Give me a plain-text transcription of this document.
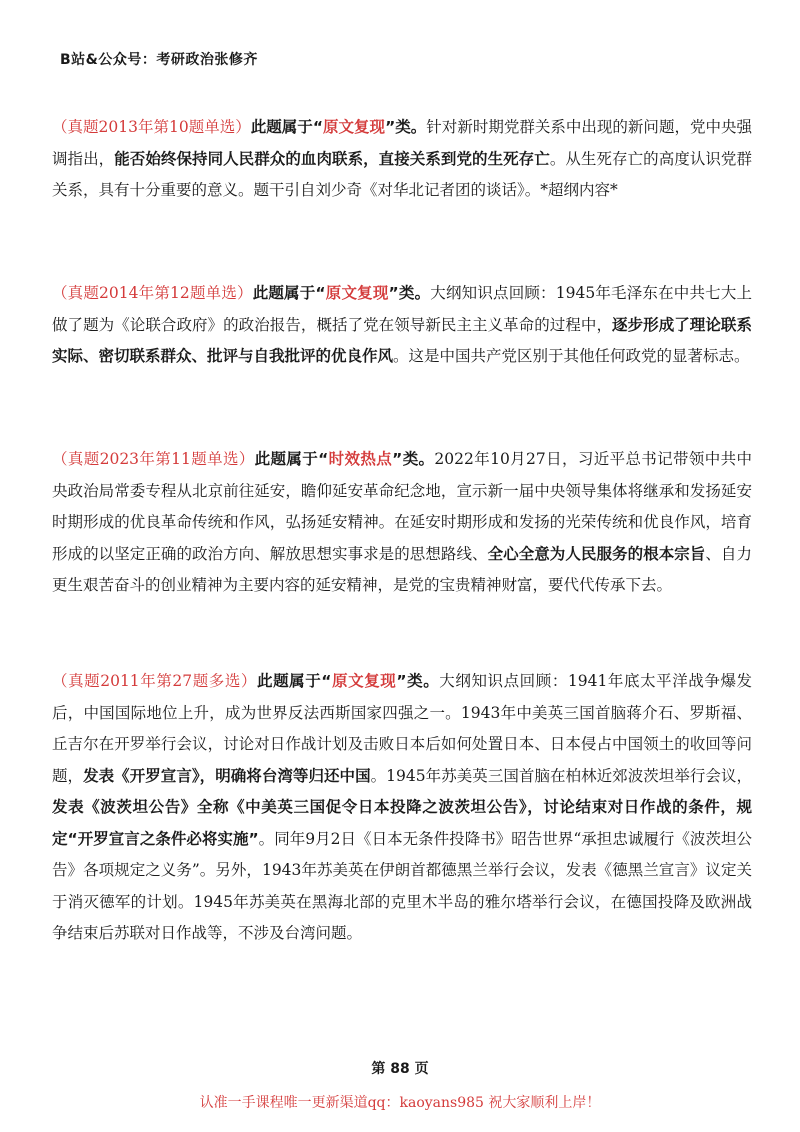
B站&公众号：考研政治张修齐
（真题2013年第10题单选）此题属于“原文复现”类。针对新时期党群关系中出现的新问题，党中央强调指出，能否始终保持同人民群众的血肉联系，直接关系到党的生死存亡。从生死存亡的高度认识党群关系，具有十分重要的意义。题干引自刘少奇《对华北记者团的谈话》。*超纲内容*
（真题2014年第12题单选）此题属于“原文复现”类。大纲知识点回顾：1945年毛泽东在中共七大上做了题为《论联合政府》的政治报告，概括了党在领导新民主主义革命的过程中，逐步形成了理论联系实际、密切联系群众、批评与自我批评的优良作风。这是中国共产党区别于其他任何政党的显著标志。
（真题2023年第11题单选）此题属于“时效热点”类。2022年10月27日，习近平总书记带领中共中央政治局常委专程从北京前往延安，瞻仰延安革命纪念地，宣示新一届中央领导集体将继承和发扬延安时期形成的优良革命传统和作风，弘扬延安精神。在延安时期形成和发扬的光荣传统和优良作风，培育形成的以坚定正确的政治方向、解放思想实事求是的思想路线、全心全意为人民服务的根本宗旨、自力更生艰苦奋斗的创业精神为主要内容的延安精神，是党的宝贵精神财富，要代代传承下去。
（真题2011年第27题多选）此题属于“原文复现”类。大纲知识点回顾：1941年底太平洋战争爆发后，中国国际地位上升，成为世界反法西斯国家四强之一。1943年中美英三国首脑蒋介石、罗斯福、丘吉尔在开罗举行会议，讨论对日作战计划及击败日本后如何处置日本、日本侵占中国领土的收回等问题，发表《开罗宣言》，明确将台湾等归还中国。1945年苏美英三国首脑在柏林近郊波茨坦举行会议，发表《波茨坦公告》全称《中美英三国促令日本投降之波茨坦公告》，讨论结束对日作战的条件，规定“开罗宣言之条件必将实施”。同年9月2日《日本无条件投降书》昭告世界“承担忠诚履行《波茨坦公告》各项规定之义务”。另外，1943年苏美英在伊朗首都德黑兰举行会议，发表《德黑兰宣言》议定关于消灭德军的计划。1945年苏美英在黑海北部的克里木半岛的雅尔塔举行会议，在德国投降及欧洲战争结束后苏联对日作战等，不涉及台湾问题。
第 88 页
认准一手课程唯一更新渠道qq：kaoyans985 祝大家顺利上岸！
